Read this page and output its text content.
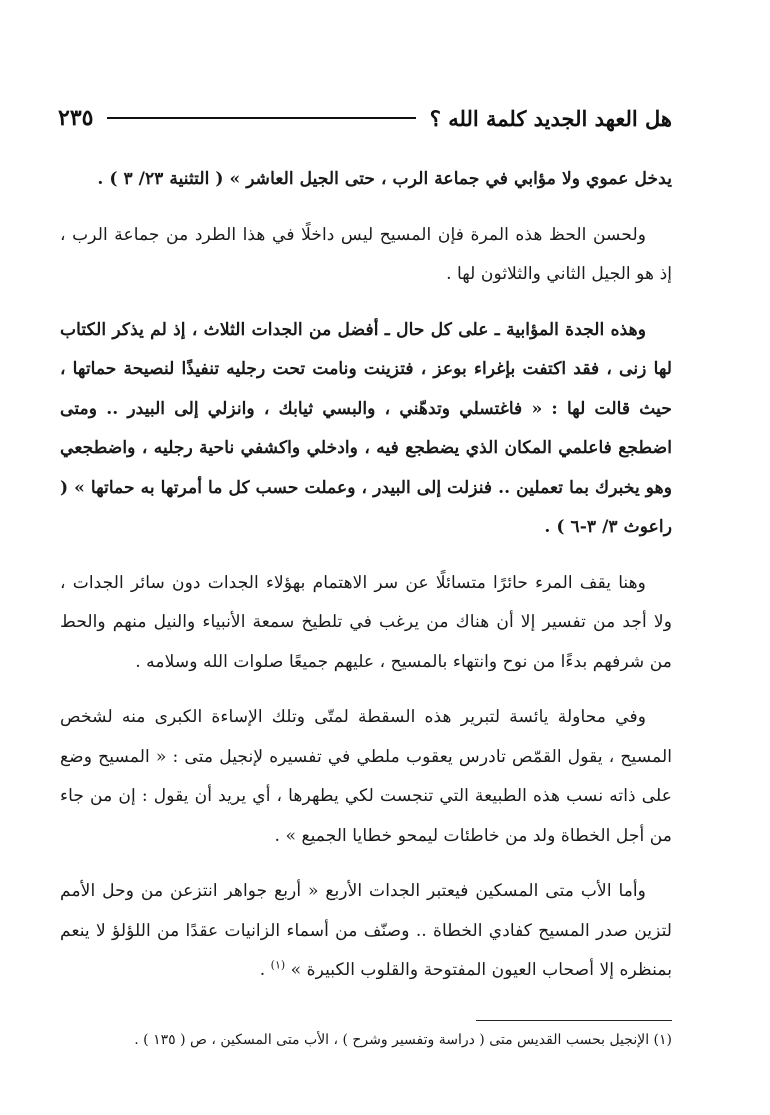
هل العهد الجديد كلمة الله ؟
٢٣٥

يدخل عموي ولا مؤابي في جماعة الرب ، حتى الجيل العاشر » ( التثنية ٢٣/ ٣ ) .

ولحسن الحظ هذه المرة فإن المسيح ليس داخلًا في هذا الطرد من جماعة الرب ، إذ هو الجيل الثاني والثلاثون لها .

وهذه الجدة المؤابية ـ على كل حال ـ أفضل من الجدات الثلاث ، إذ لم يذكر الكتاب لها زنى ، فقد اكتفت بإغراء بوعز ، فتزينت ونامت تحت رجليه تنفيذًا لنصيحة حماتها ، حيث قالت لها : « فاغتسلي وتدهّني ، والبسي ثيابك ، وانزلي إلى البيدر .. ومتى اضطجع فاعلمي المكان الذي يضطجع فيه ، وادخلي واكشفي ناحية رجليه ، واضطجعي وهو يخبرك بما تعملين .. فنزلت إلى البيدر ، وعملت حسب كل ما أمرتها به حماتها » ( راعوث ٣/ ٣-٦ ) .

وهنا يقف المرء حائرًا متسائلًا عن سر الاهتمام بهؤلاء الجدات دون سائر الجدات ، ولا أجد من تفسير إلا أن هناك من يرغب في تلطيخ سمعة الأنبياء والنيل منهم والحط من شرفهم بدءًا من نوح وانتهاء بالمسيح ، عليهم جميعًا صلوات الله وسلامه .

وفي محاولة يائسة لتبرير هذه السقطة لمتّى وتلك الإساءة الكبرى منه لشخص المسيح ، يقول القمّص تادرس يعقوب ملطي في تفسيره لإنجيل متى : « المسيح وضع على ذاته نسب هذه الطبيعة التي تنجست لكي يطهرها ، أي يريد أن يقول : إن من جاء من أجل الخطاة ولد من خاطئات ليمحو خطايا الجميع » .

وأما الأب متى المسكين فيعتبر الجدات الأربع « أربع جواهر انتزعن من وحل الأمم لتزين صدر المسيح كفادي الخطاة .. وصنّف من أسماء الزانيات عقدًا من اللؤلؤ لا ينعم بمنظره إلا أصحاب العيون المفتوحة والقلوب الكبيرة » $^{(١)}$ .

(١) الإنجيل بحسب القديس متى ( دراسة وتفسير وشرح ) ، الأب متى المسكين ، ص ( ١٣٥ ) .
